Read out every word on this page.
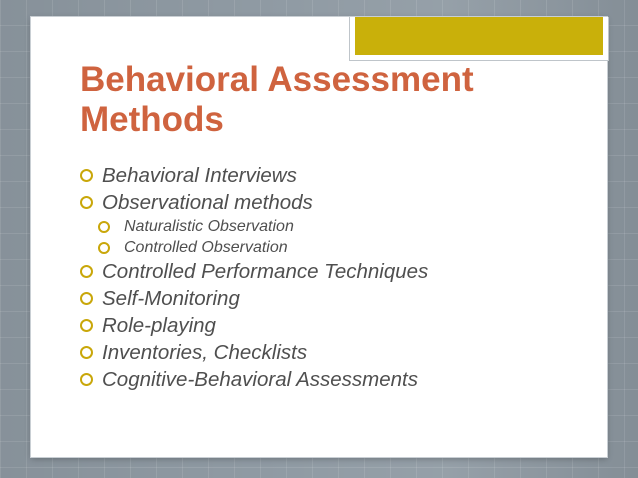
Behavioral Assessment Methods
Behavioral Interviews
Observational methods
Naturalistic Observation
Controlled Observation
Controlled Performance Techniques
Self-Monitoring
Role-playing
Inventories, Checklists
Cognitive-Behavioral Assessments
